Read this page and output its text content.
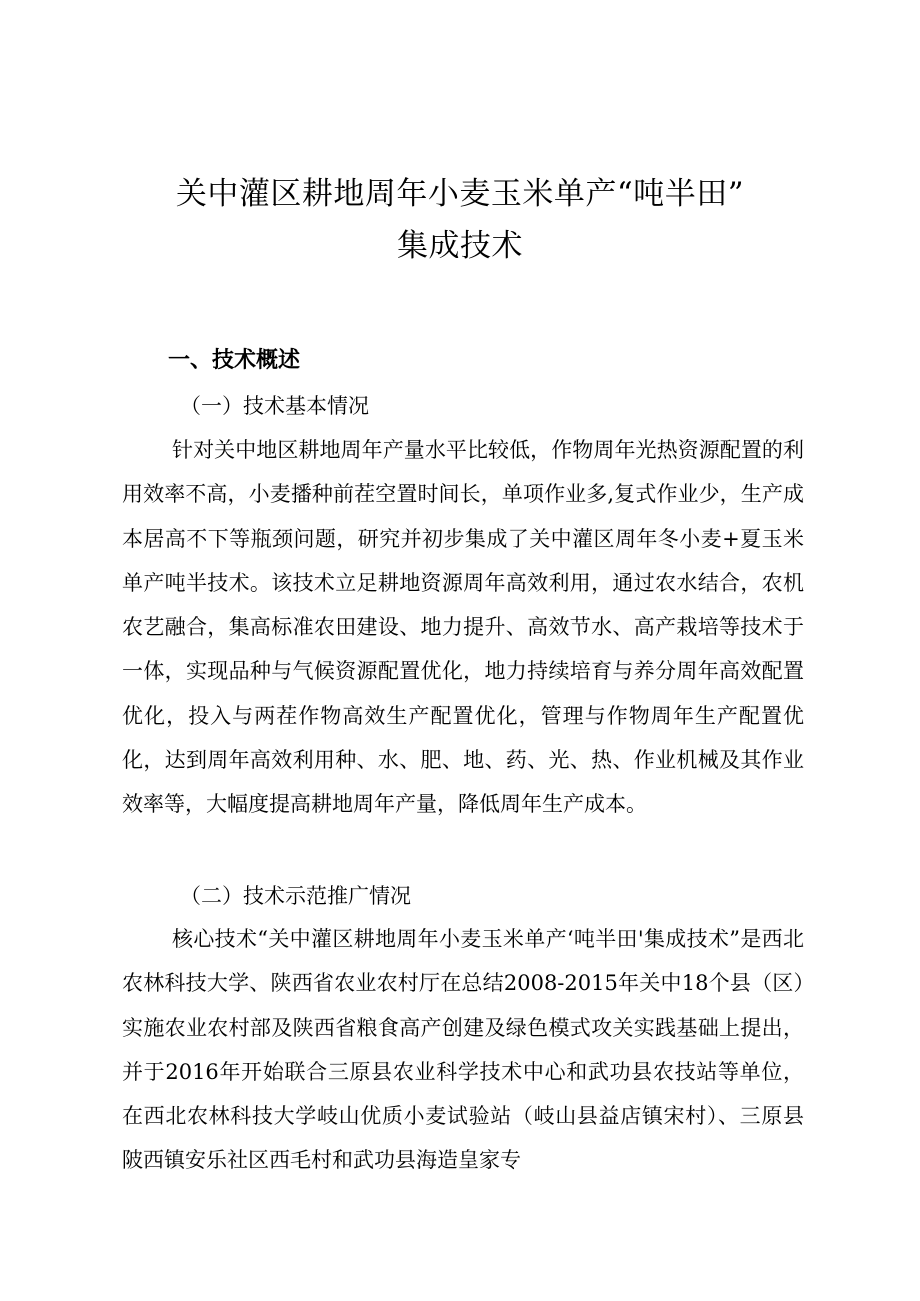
关中灌区耕地周年小麦玉米单产“吨半田”
集成技术
一、技术概述
（一）技术基本情况

针对关中地区耕地周年产量水平比较低，作物周年光热资源配置的利用效率不高，小麦播种前茬空置时间长，单项作业多,复式作业少，生产成本居高不下等瓶颈问题，研究并初步集成了关中灌区周年冬小麦+夏玉米单产吨半技术。该技术立足耕地资源周年高效利用，通过农水结合，农机农艺融合，集高标准农田建设、地力提升、高效节水、高产栽培等技术于一体，实现品种与气候资源配置优化，地力持续培育与养分周年高效配置优化，投入与两茬作物高效生产配置优化，管理与作物周年生产配置优化，达到周年高效利用种、水、肥、地、药、光、热、作业机械及其作业效率等，大幅度提高耕地周年产量，降低周年生产成本。

（二）技术示范推广情况

核心技术“关中灌区耕地周年小麦玉米单产‘吨半田'集成技术”是西北农林科技大学、陕西省农业农村厅在总结2008-2015年关中18个县（区）实施农业农村部及陕西省粮食高产创建及绿色模式攻关实践基础上提出，并于2016年开始联合三原县农业科学技术中心和武功县农技站等单位，在西北农林科技大学岐山优质小麦试验站（岐山县益店镇宋村）、三原县陂西镇安乐社区西毛村和武功县海造皇家专
